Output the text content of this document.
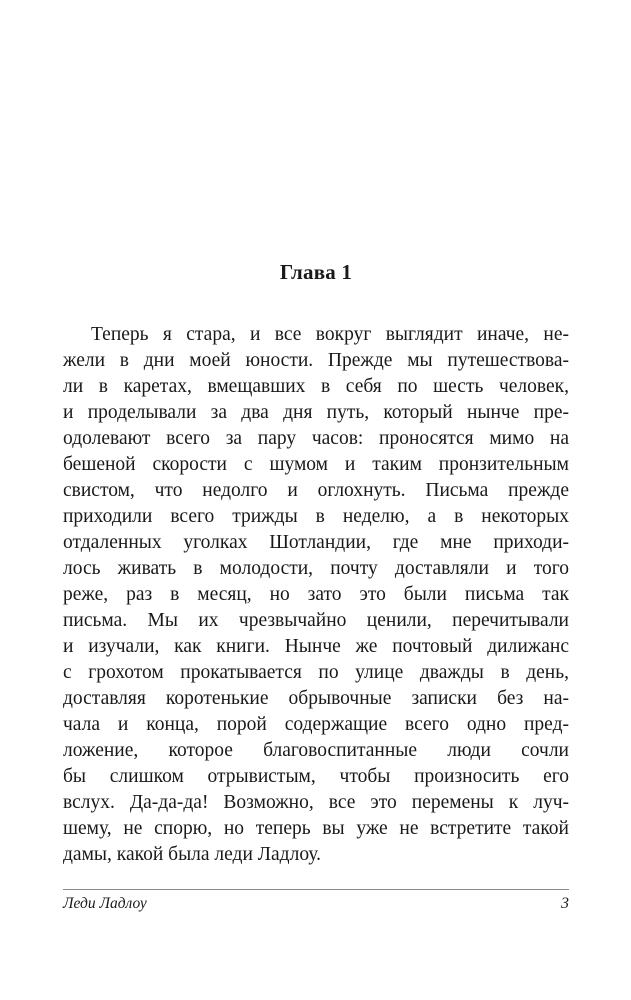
Глава 1
Теперь я стара, и все вокруг выглядит иначе, не-
жели в дни моей юности. Прежде мы путешествова-
ли в каретах, вмещавших в себя по шесть человек,
и проделывали за два дня путь, который нынче пре-
одолевают всего за пару часов: проносятся мимо на
бешеной скорости с шумом и таким пронзительным
свистом, что недолго и оглохнуть. Письма прежде
приходили всего трижды в неделю, а в некоторых
отдаленных уголках Шотландии, где мне приходи-
лось живать в молодости, почту доставляли и того
реже, раз в месяц, но зато это были письма так
письма. Мы их чрезвычайно ценили, перечитывали
и изучали, как книги. Нынче же почтовый дилижанс
с грохотом прокатывается по улице дважды в день,
доставляя коротенькие обрывочные записки без на-
чала и конца, порой содержащие всего одно пред-
ложение, которое благовоспитанные люди сочли
бы слишком отрывистым, чтобы произносить его
вслух. Да-да-да! Возможно, все это перемены к луч-
шему, не спорю, но теперь вы уже не встретите такой
дамы, какой была леди Ладлоу.
Леди Ладлоу	3
